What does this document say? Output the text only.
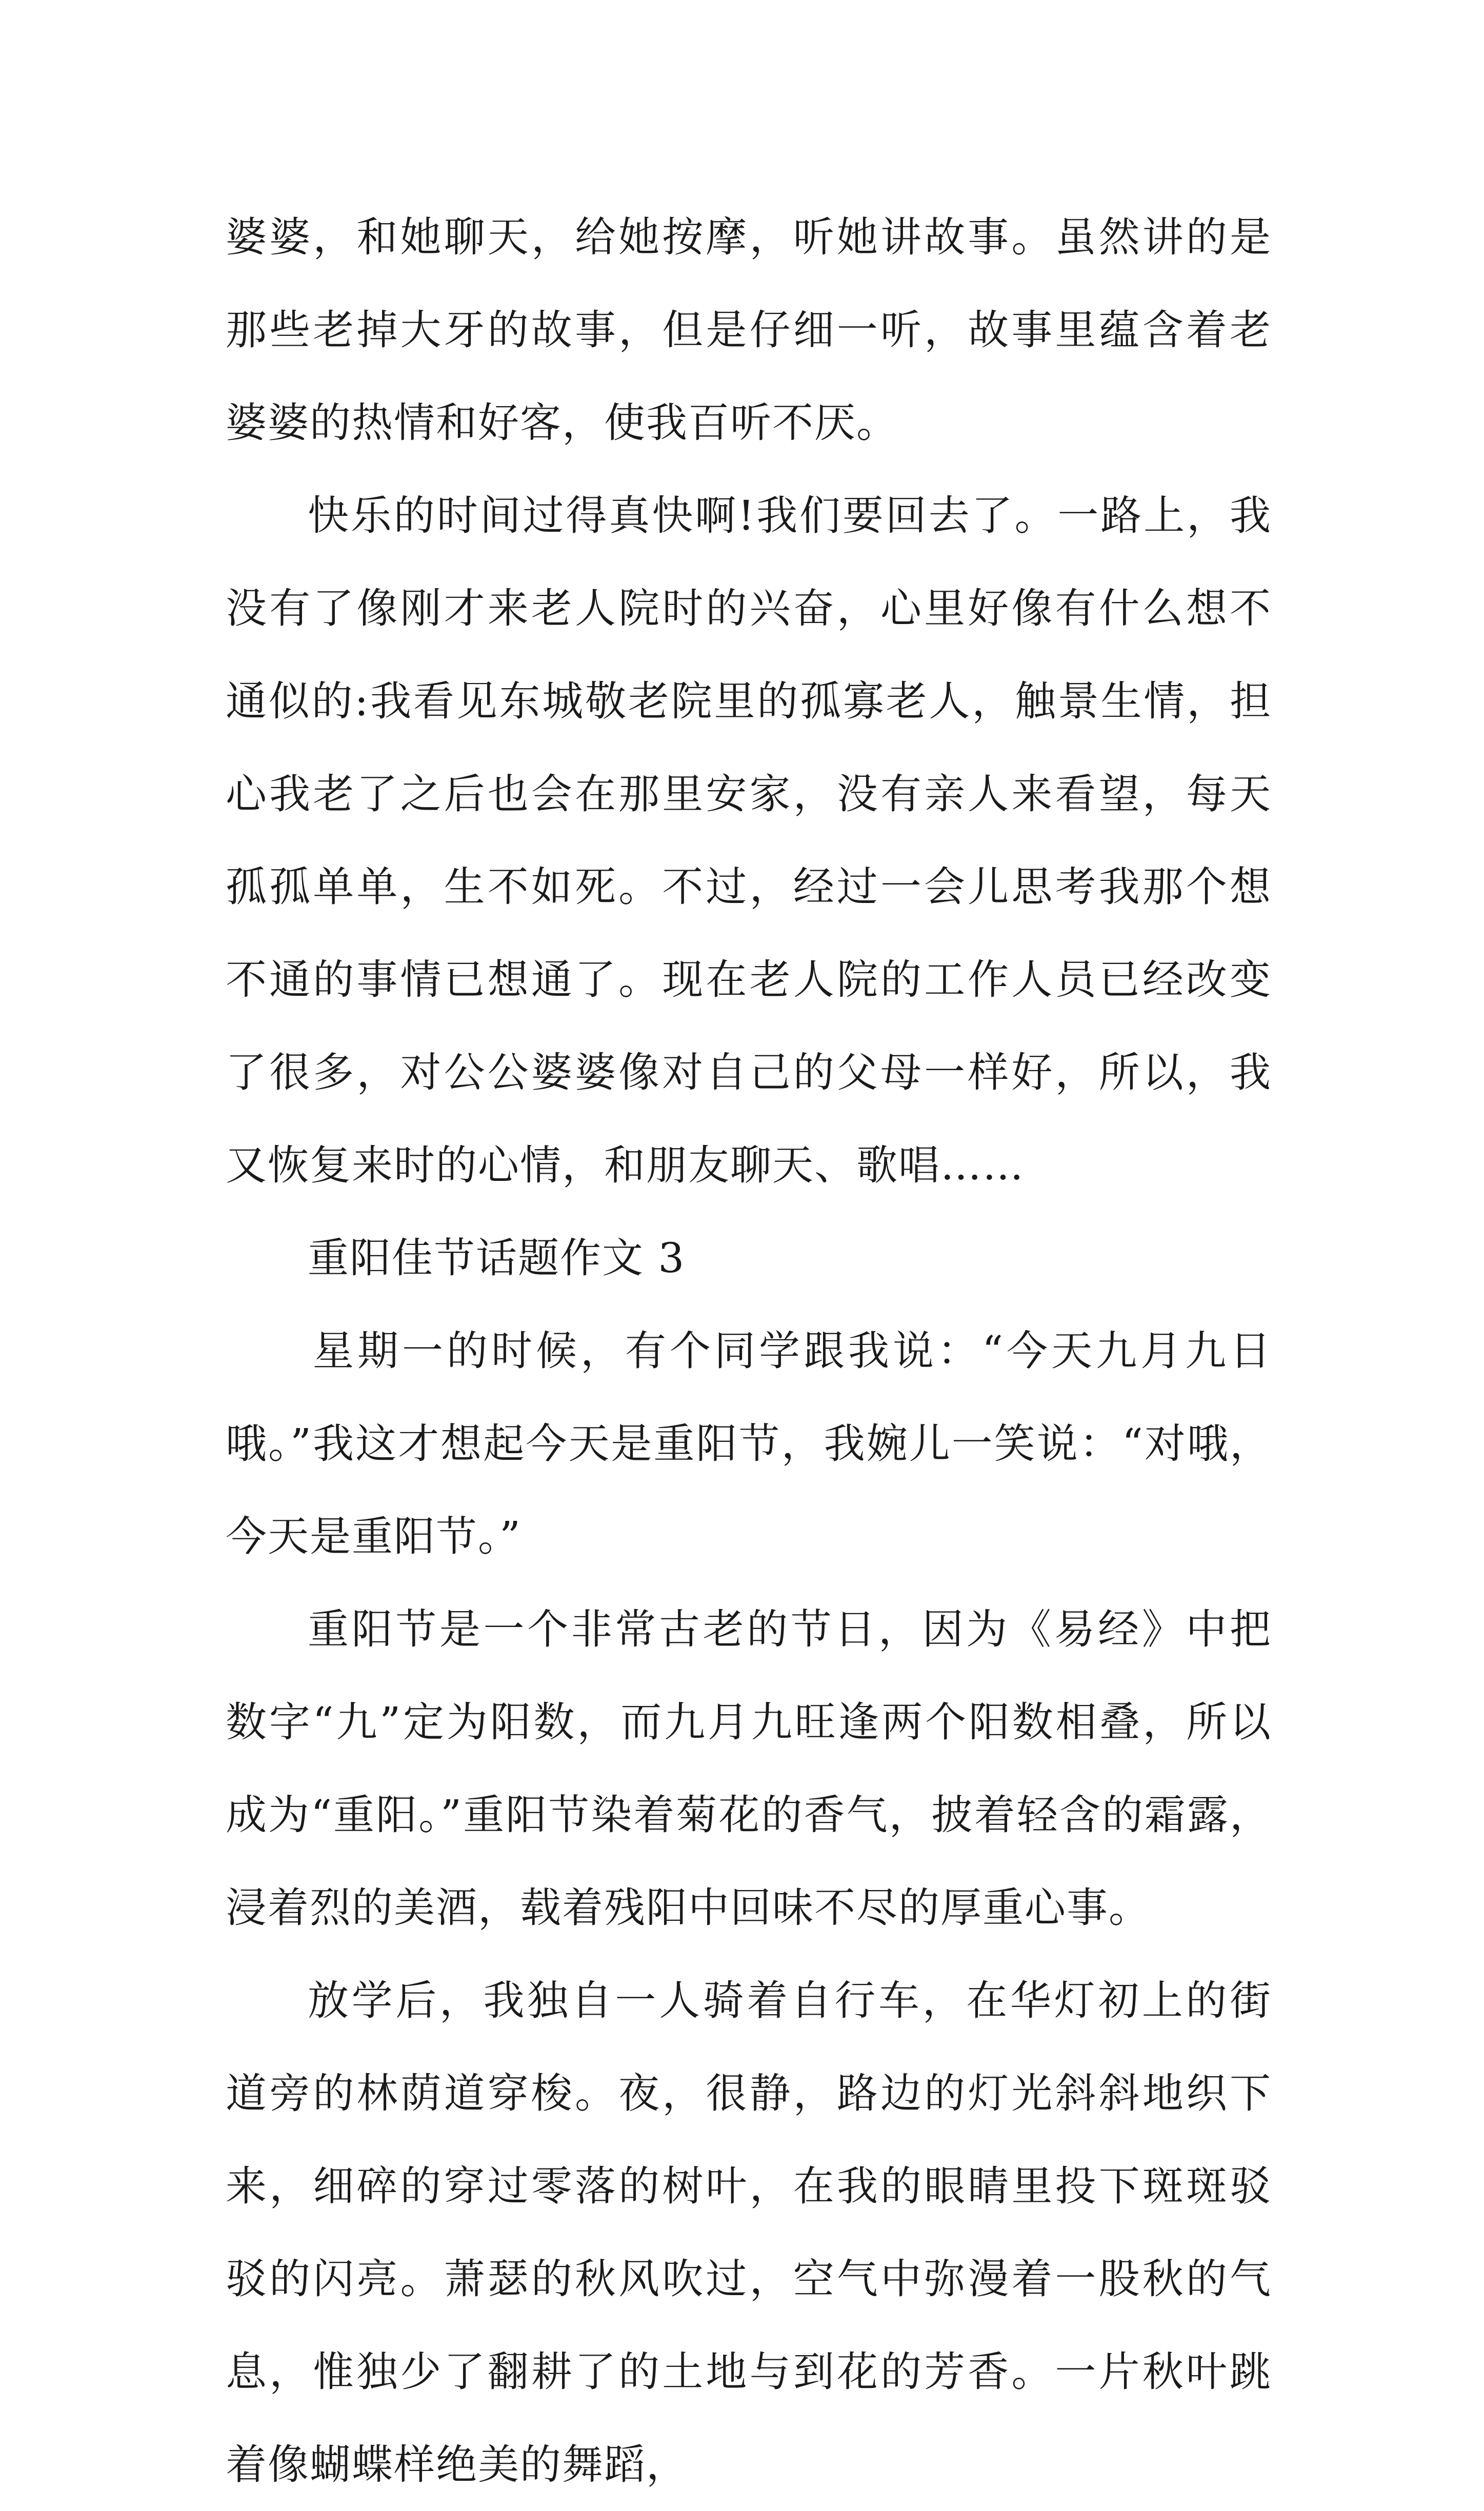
婆婆，和她聊天，给她按摩，听她讲故事。虽然讲的是那些老掉大牙的故事，但是仔细一听，故事里蕴含着老婆婆的热情和好客，使我百听不厌。

快乐的时间过得真快啊!我们要回去了。一路上，我没有了像刚才来老人院时的兴奋，心里好像有什么想不通似的:我看见东城敬老院里的孤寡老人，触景生情，担心我老了之后也会在那里安家，没有亲人来看望，每天孤孤单单，生不如死。不过，经过一会儿思考我那个想不通的事情已想通了。现在老人院的工作人员已经改变了很多，对公公婆婆像对自己的父母一样好，所以，我又恢复来时的心情，和朋友聊天、歌唱……

重阳佳节话题作文 3

星期一的时候，有个同学跟我说：“今天九月九日哦。”我这才想起今天是重阳节，我婉儿一笑说：“对哦，今天是重阳节。”

重阳节是一个非常古老的节日，因为《易经》中把数字“九”定为阳数，而九月九旺逢两个阳数相叠，所以成为“重阳。”重阳节染着菊花的香气，披着轻含的霜露，浸着烈的美酒，载着残阳中回味不尽的厚重心事。

放学后，我独自一人骑着自行车，在华灯初上的街道旁的林荫道穿梭。夜，很静，路边的灯光斜斜地织下来，细碎的穿过零落的树叶，在我的眼睛里投下斑斑驳驳的闪亮。萧瑟的秋风吹过，空气中弥漫着一股秋的气息，惟独少了翻耕了的土地与到花的芳香。一片秋叶跳着像蝴蝶样绝美的舞蹈，
